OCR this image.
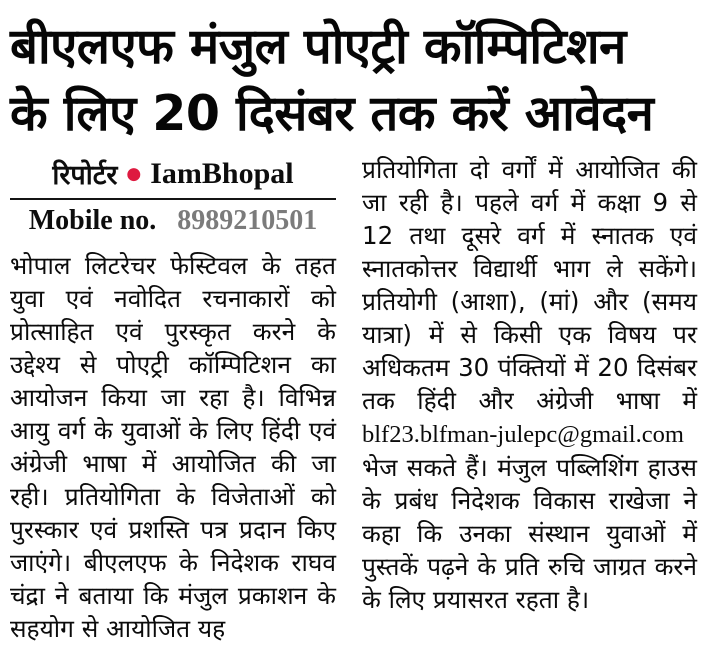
बीएलएफ मंजुल पोएट्री कॉम्पिटिशन
के लिए 20 दिसंबर तक करें आवेदन
रिपोर्टर ● IamBhopal
Mobile no. 8989210501

भोपाल लिटरेचर फेस्टिवल के तहत युवा एवं नवोदित रचनाकारों को प्रोत्साहित एवं पुरस्कृत करने के उद्देश्य से पोएट्री कॉम्पिटिशन का आयोजन किया जा रहा है। विभिन्न आयु वर्ग के युवाओं के लिए हिंदी एवं अंग्रेजी भाषा में आयोजित की जा रही। प्रतियोगिता के विजेताओं को पुरस्कार एवं प्रशस्ति पत्र प्रदान किए जाएंगे। बीएलएफ के निदेशक राघव चंद्रा ने बताया कि मंजुल प्रकाशन के सहयोग से आयोजित यह

प्रतियोगिता दो वर्गों में आयोजित की जा रही है। पहले वर्ग में कक्षा 9 से 12 तथा दूसरे वर्ग में स्नातक एवं स्नातकोत्तर विद्यार्थी भाग ले सकेंगे। प्रतियोगी (आशा), (मां) और (समय यात्रा) में से किसी एक विषय पर अधिकतम 30 पंक्तियों में 20 दिसंबर तक हिंदी और अंग्रेजी भाषा में blf23.blfman-julepc@gmail.com भेज सकते हैं। मंजुल पब्लिशिंग हाउस के प्रबंध निदेशक विकास राखेजा ने कहा कि उनका संस्थान युवाओं में पुस्तकें पढ़ने के प्रति रुचि जाग्रत करने के लिए प्रयासरत रहता है।
